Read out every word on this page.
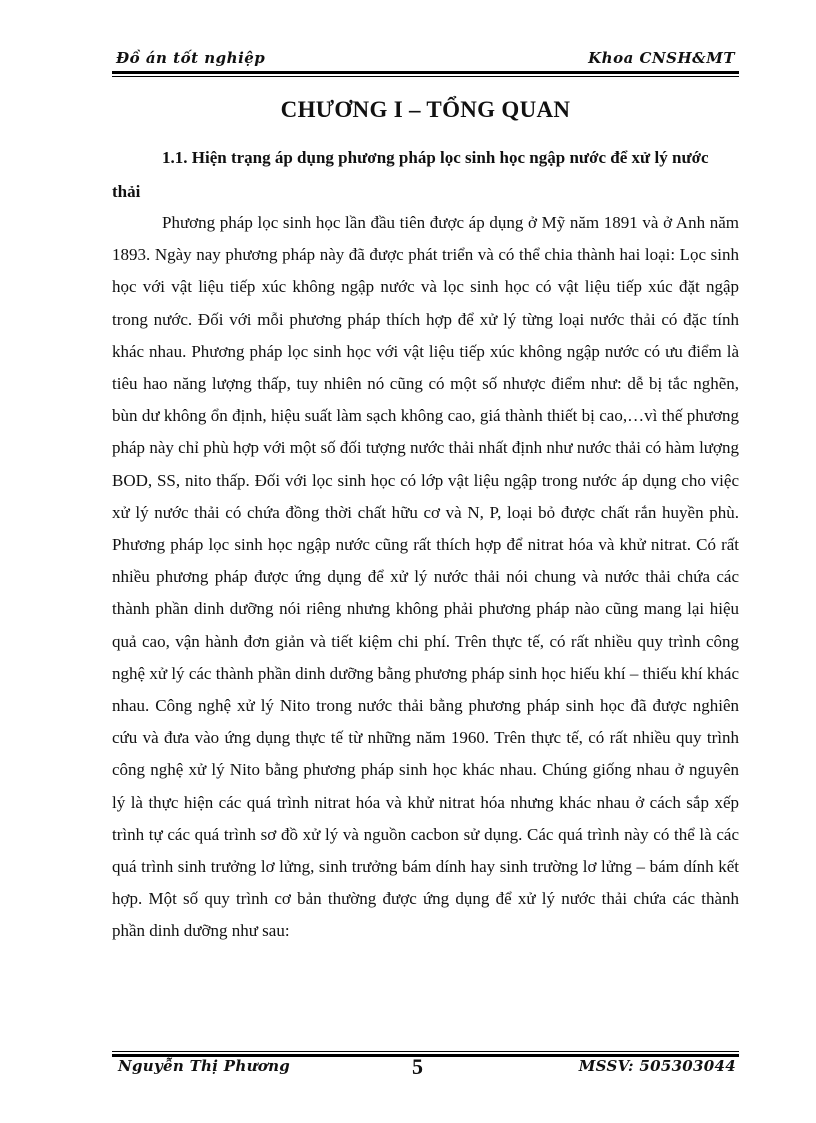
Đồ án tốt nghiệp	Khoa CNSH&MT
CHƯƠNG I – TỔNG QUAN

1.1. Hiện trạng áp dụng phương pháp lọc sinh học ngập nước để xử lý nước thải

Phương pháp lọc sinh học lần đầu tiên được áp dụng ở Mỹ năm 1891 và ở Anh năm 1893. Ngày nay phương pháp này đã được phát triển và có thể chia thành hai loại: Lọc sinh học với vật liệu tiếp xúc không ngập nước và lọc sinh học có vật liệu tiếp xúc đặt ngập trong nước. Đối với mỗi phương pháp thích hợp để xử lý từng loại nước thải có đặc tính khác nhau. Phương pháp lọc sinh học với vật liệu tiếp xúc không ngập nước có ưu điểm là tiêu hao năng lượng thấp, tuy nhiên nó cũng có một số nhược điểm như: dễ bị tắc nghẽn, bùn dư không ổn định, hiệu suất làm sạch không cao, giá thành thiết bị cao,…vì thế phương pháp này chỉ phù hợp với một số đối tượng nước thải nhất định như nước thải có hàm lượng BOD, SS, nito thấp. Đối với lọc sinh học có lớp vật liệu ngập trong nước áp dụng cho việc xử lý nước thải có chứa đồng thời chất hữu cơ và N, P, loại bỏ được chất rắn huyền phù. Phương pháp lọc sinh học ngập nước cũng rất thích hợp để nitrat hóa và khử nitrat. Có rất nhiều phương pháp được ứng dụng để xử lý nước thải nói chung và nước thải chứa các thành phần dinh dưỡng nói riêng nhưng không phải phương pháp nào cũng mang lại hiệu quả cao, vận hành đơn giản và tiết kiệm chi phí. Trên thực tế, có rất nhiều quy trình công nghệ xử lý các thành phần dinh dưỡng bằng phương pháp sinh học hiếu khí – thiếu khí khác nhau. Công nghệ xử lý Nito trong nước thải bằng phương pháp sinh học đã được nghiên cứu và đưa vào ứng dụng thực tế từ những năm 1960. Trên thực tế, có rất nhiều quy trình công nghệ xử lý Nito bằng phương pháp sinh học khác nhau. Chúng giống nhau ở nguyên lý là thực hiện các quá trình nitrat hóa và khử nitrat hóa nhưng khác nhau ở cách sắp xếp trình tự các quá trình sơ đồ xử lý và nguồn cacbon sử dụng. Các quá trình này có thể là các quá trình sinh trưởng lơ lửng, sinh trưởng bám dính hay sinh trường lơ lửng – bám dính kết hợp. Một số quy trình cơ bản thường được ứng dụng để xử lý nước thải chứa các thành phần dinh dưỡng như sau:

Nguyễn Thị Phương	5	MSSV: 505303044
